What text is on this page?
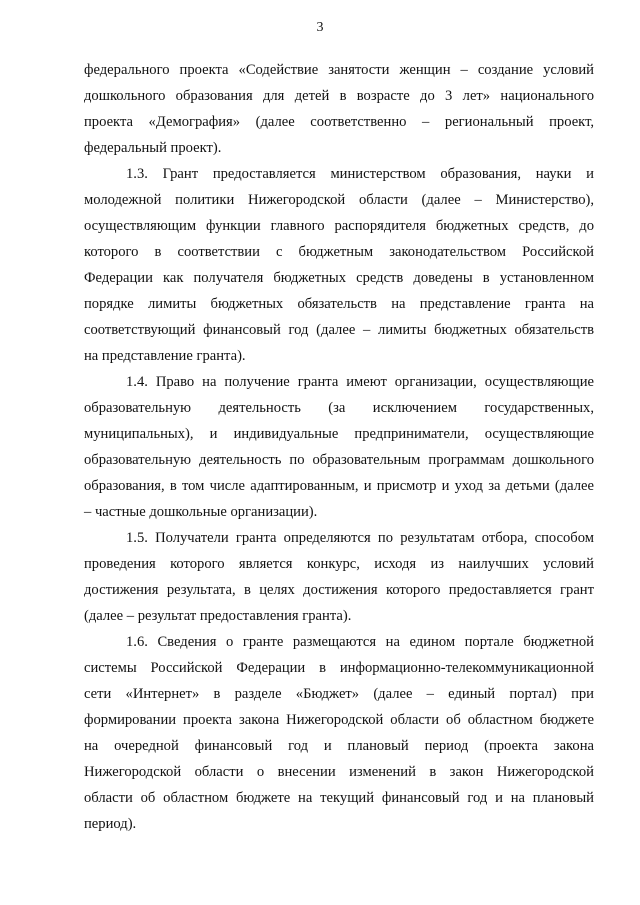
3
федерального проекта «Содействие занятости женщин – создание условий
дошкольного образования для детей в возрасте до 3 лет» национального
проекта «Демография» (далее соответственно – региональный проект,
федеральный проект).
1.3. Грант предоставляется министерством образования, науки и
молодежной политики Нижегородской области (далее – Министерство),
осуществляющим функции главного распорядителя бюджетных средств, до
которого в соответствии с бюджетным законодательством Российской
Федерации как получателя бюджетных средств доведены в установленном
порядке лимиты бюджетных обязательств на представление гранта на
соответствующий финансовый год (далее – лимиты бюджетных обязательств
на представление гранта).
1.4. Право на получение гранта имеют организации, осуществляющие
образовательную деятельность (за исключением государственных,
муниципальных), и индивидуальные предприниматели, осуществляющие
образовательную деятельность по образовательным программам дошкольного
образования, в том числе адаптированным, и присмотр и уход за детьми (далее
– частные дошкольные организации).
1.5. Получатели гранта определяются по результатам отбора, способом
проведения которого является конкурс, исходя из наилучших условий
достижения результата, в целях достижения которого предоставляется грант
(далее – результат предоставления гранта).
1.6. Сведения о гранте размещаются на едином портале бюджетной
системы Российской Федерации в информационно-телекоммуникационной
сети «Интернет» в разделе «Бюджет» (далее – единый портал) при
формировании проекта закона Нижегородской области об областном бюджете
на очередной финансовый год и плановый период (проекта закона
Нижегородской области о внесении изменений в закон Нижегородской
области об областном бюджете на текущий финансовый год и на плановый
период).
